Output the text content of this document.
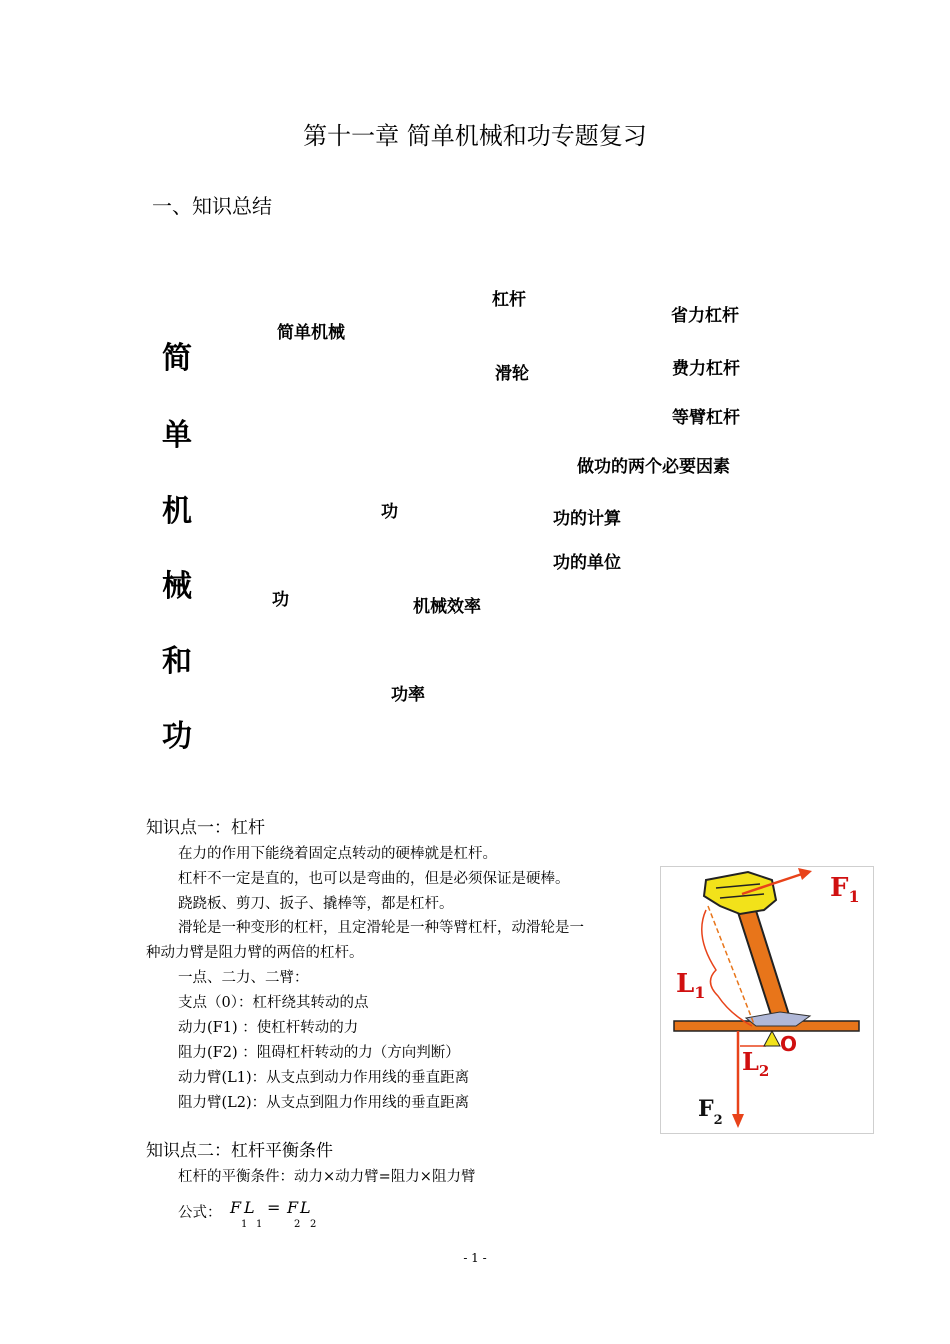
第十一章 简单机械和功专题复习
一、知识总结
简
单
机
械
和
功
简单机械
杠杆
滑轮
省力杠杆
费力杠杆
等臂杠杆
做功的两个必要因素
功	功的计算
功的单位
功	机械效率
功率
知识点一：杠杆
在力的作用下能绕着固定点转动的硬棒就是杠杆。
杠杆不一定是直的，也可以是弯曲的，但是必须保证是硬棒。
跷跷板、剪刀、扳子、撬棒等，都是杠杆。
滑轮是一种变形的杠杆，且定滑轮是一种等臂杠杆，动滑轮是一
种动力臂是阻力臂的两倍的杠杆。
一点、二力、二臂：
支点（0）：杠杆绕其转动的点
动力(F1) ：使杠杆转动的力
阻力(F2) ：阻碍杠杆转动的力（方向判断）
动力臂(L1)：从支点到动力作用线的垂直距离
阻力臂(L2)：从支点到阻力作用线的垂直距离
$F_1$
$L_1$
$L_2$
O
$F_2$
知识点二：杠杆平衡条件
杠杆的平衡条件：动力×动力臂=阻力×阻力臂
公式： F L = F L
1 1	2 2
- 1 -
